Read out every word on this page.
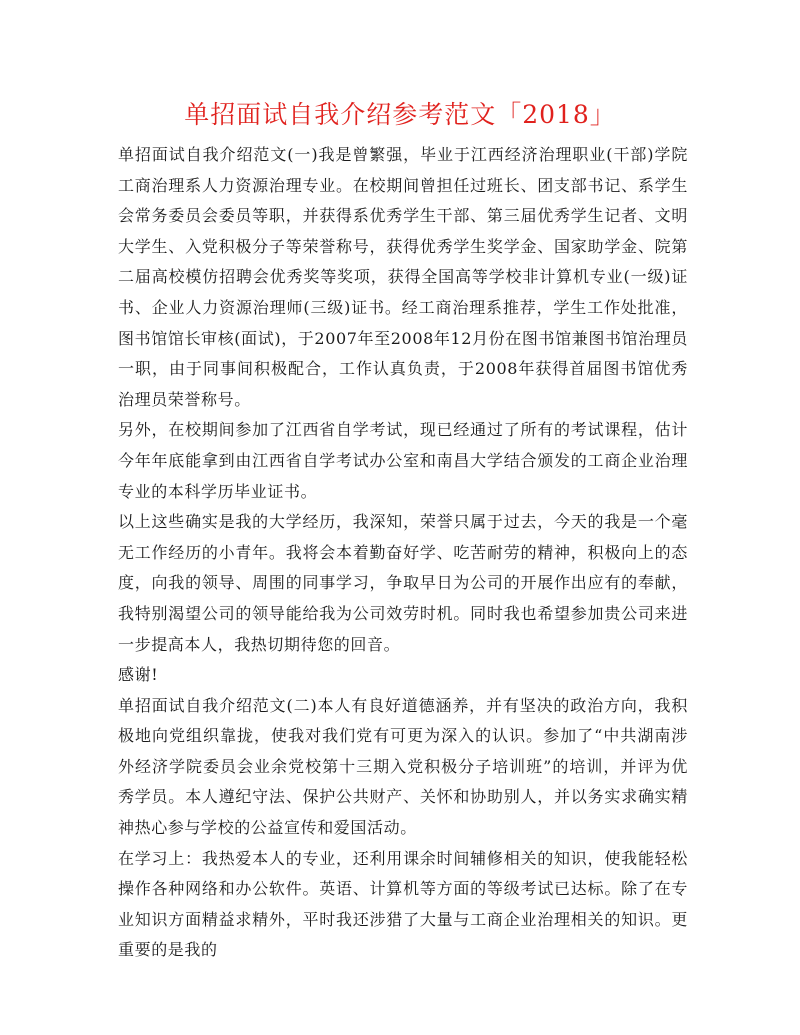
单招面试自我介绍参考范文「2018」

单招面试自我介绍范文(一)我是曾繁强，毕业于江西经济治理职业(干部)学院工商治理系人力资源治理专业。在校期间曾担任过班长、团支部书记、系学生会常务委员会委员等职，并获得系优秀学生干部、第三届优秀学生记者、文明大学生、入党积极分子等荣誉称号，获得优秀学生奖学金、国家助学金、院第二届高校模仿招聘会优秀奖等奖项，获得全国高等学校非计算机专业(一级)证书、企业人力资源治理师(三级)证书。经工商治理系推荐，学生工作处批准，图书馆馆长审核(面试)，于2007年至2008年12月份在图书馆兼图书馆治理员一职，由于同事间积极配合，工作认真负责，于2008年获得首届图书馆优秀治理员荣誉称号。

另外，在校期间参加了江西省自学考试，现已经通过了所有的考试课程，估计今年年底能拿到由江西省自学考试办公室和南昌大学结合颁发的工商企业治理专业的本科学历毕业证书。

以上这些确实是我的大学经历，我深知，荣誉只属于过去，今天的我是一个毫无工作经历的小青年。我将会本着勤奋好学、吃苦耐劳的精神，积极向上的态度，向我的领导、周围的同事学习，争取早日为公司的开展作出应有的奉献，我特别渴望公司的领导能给我为公司效劳时机。同时我也希望参加贵公司来进一步提高本人，我热切期待您的回音。

感谢!

单招面试自我介绍范文(二)本人有良好道德涵养，并有坚决的政治方向，我积极地向党组织靠拢，使我对我们党有可更为深入的认识。参加了“中共湖南涉外经济学院委员会业余党校第十三期入党积极分子培训班”的培训，并评为优秀学员。本人遵纪守法、保护公共财产、关怀和协助别人，并以务实求确实精神热心参与学校的公益宣传和爱国活动。

在学习上：我热爱本人的专业，还利用课余时间辅修相关的知识，使我能轻松操作各种网络和办公软件。英语、计算机等方面的等级考试已达标。除了在专业知识方面精益求精外，平时我还涉猎了大量与工商企业治理相关的知识。更重要的是我的
